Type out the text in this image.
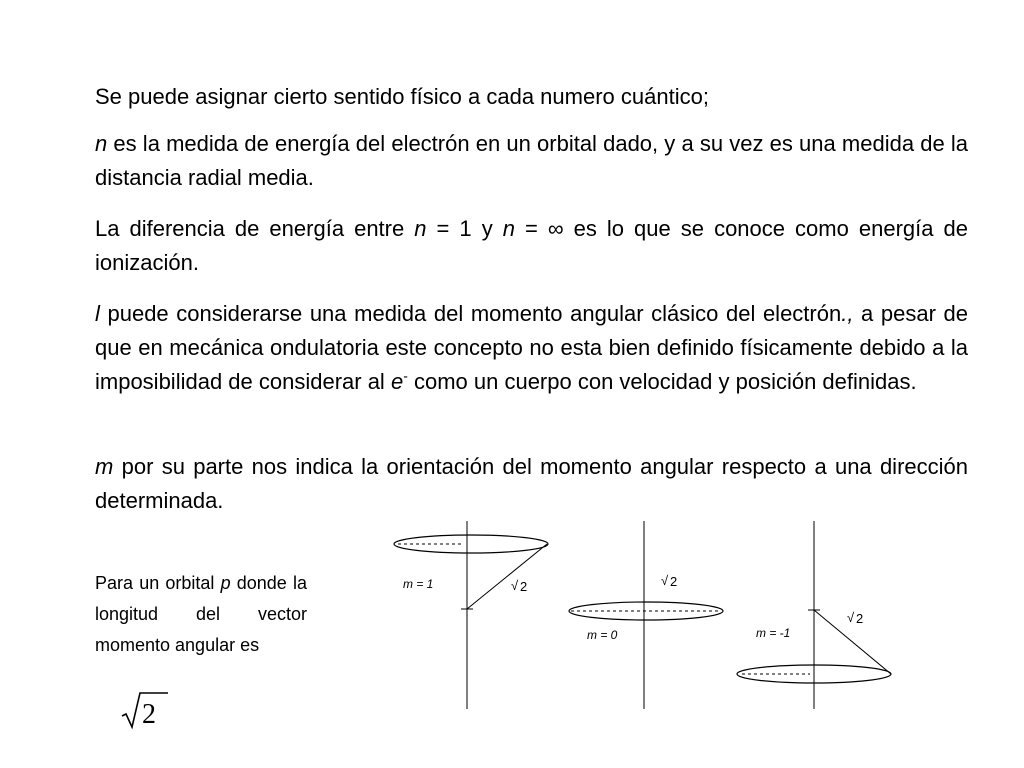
Se puede asignar cierto sentido físico a cada numero cuántico;

n es la medida de energía del electrón en un orbital dado, y a su vez es una medida de la distancia radial media.

La diferencia de energía entre n = 1 y n = ∞ es lo que se conoce como energía de ionización.

l puede considerarse una medida del momento angular clásico del electrón., a pesar de que en mecánica ondulatoria este concepto no esta bien definido físicamente debido a la imposibilidad de considerar al e- como un cuerpo con velocidad y posición definidas.

m por su parte nos indica la orientación del momento angular respecto a una dirección determinada.

Para un orbital p donde la longitud del vector momento angular es

2
m = 1	√ 2
m = 0
√ 2
m = -1
√ 2
